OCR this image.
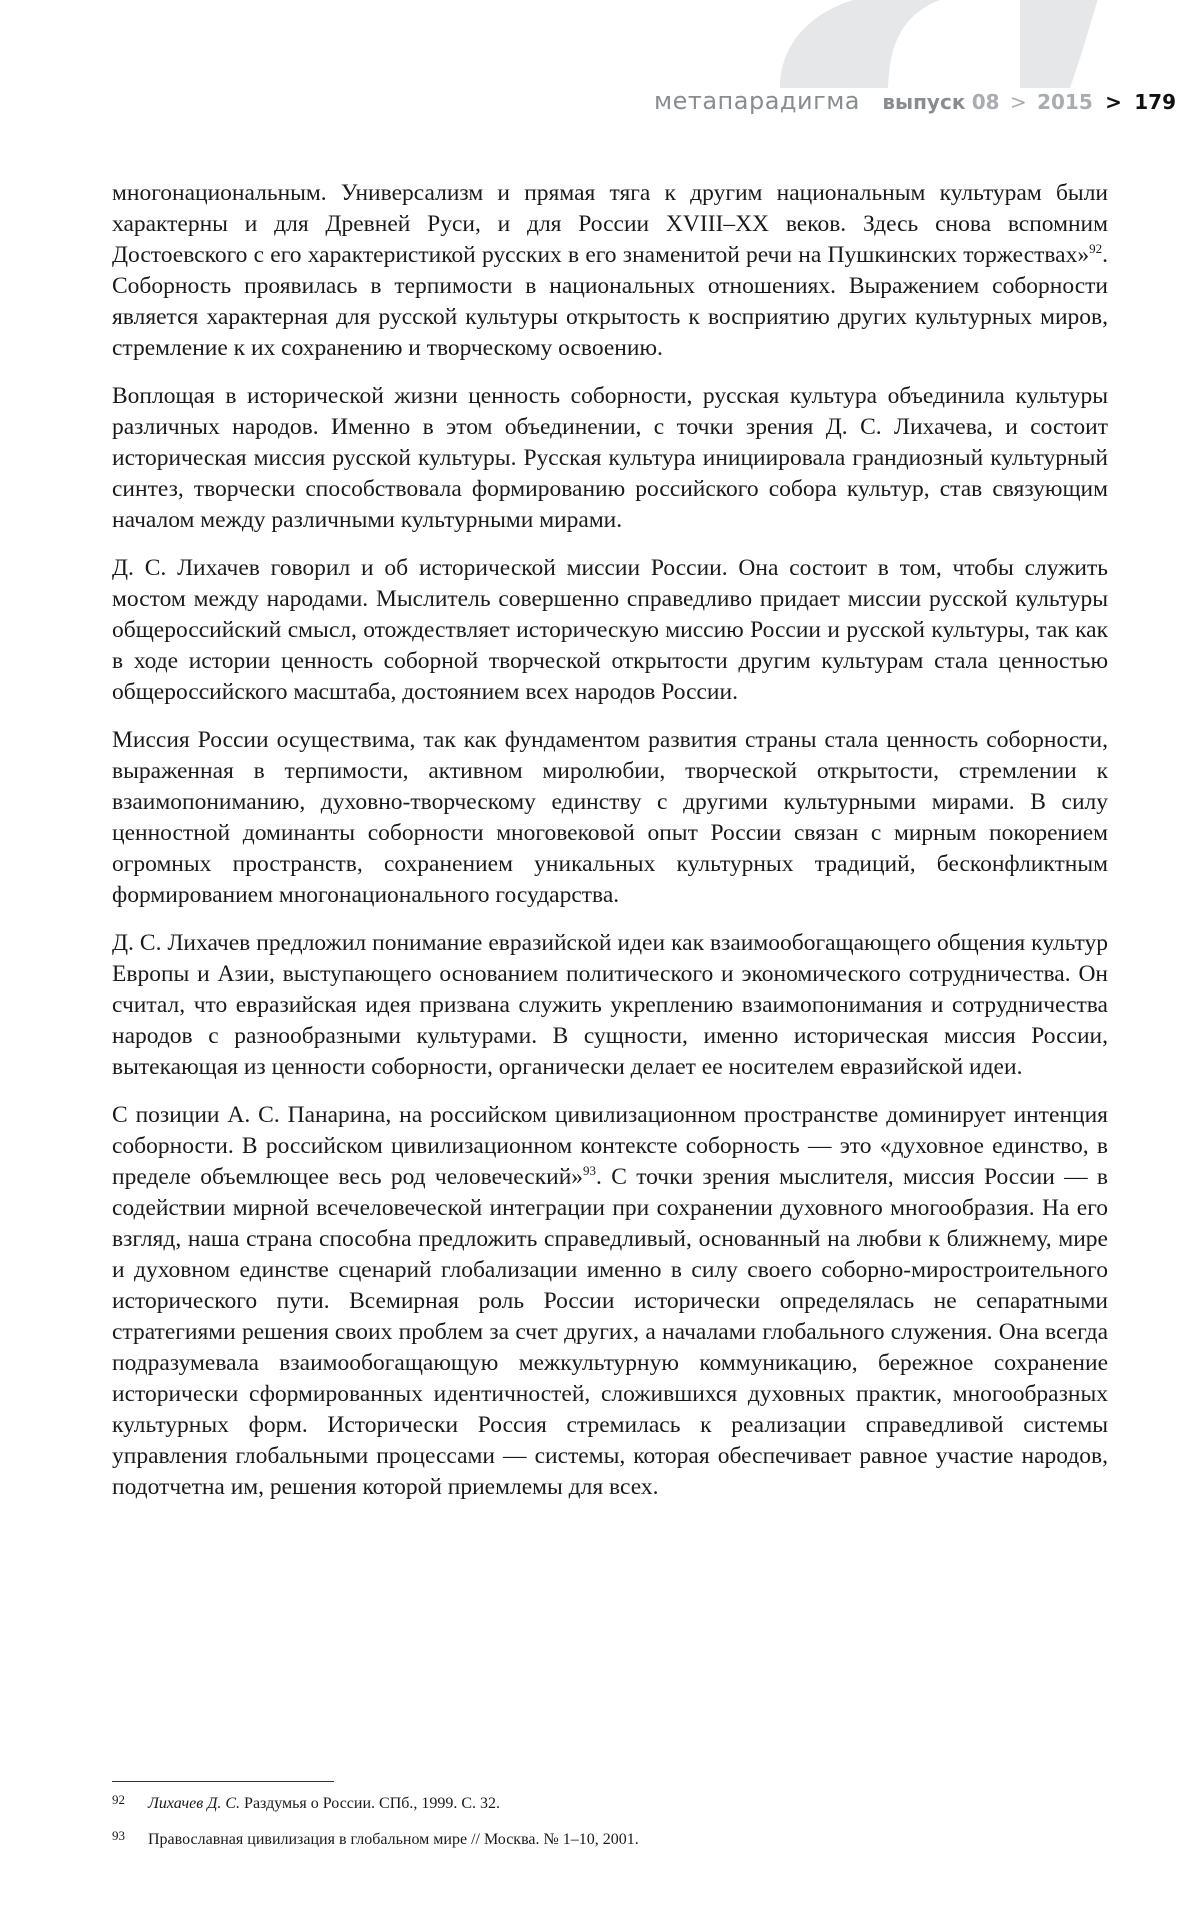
метапарадигма выпуск 08 > 2015 > 179

многонациональным. Универсализм и прямая тяга к другим национальным культурам были характерны и для Древней Руси, и для России XVIII–XX веков. Здесь снова вспомним Достоевского с его характеристикой русских в его знаменитой речи на Пушкинских торжествах»$^{92}$. Соборность проявилась в терпимости в национальных отношениях. Выражением соборности является характерная для русской культуры открытость к восприятию других культурных миров, стремление к их сохранению и творческому освоению.

Воплощая в исторической жизни ценность соборности, русская культура объединила культуры различных народов. Именно в этом объединении, с точки зрения Д. С. Лихачева, и состоит историческая миссия русской культуры. Русская культура инициировала грандиозный культурный синтез, творчески способствовала формированию российского собора культур, став связующим началом между различными культурными мирами.

Д. С. Лихачев говорил и об исторической миссии России. Она состоит в том, чтобы служить мостом между народами. Мыслитель совершенно справедливо придает миссии русской культуры общероссийский смысл, отождествляет историческую миссию России и русской культуры, так как в ходе истории ценность соборной творческой открытости другим культурам стала ценностью общероссийского масштаба, достоянием всех народов России.

Миссия России осуществима, так как фундаментом развития страны стала ценность соборности, выраженная в терпимости, активном миролюбии, творческой открытости, стремлении к взаимопониманию, духовно-творческому единству с другими культурными мирами. В силу ценностной доминанты соборности многовековой опыт России связан с мирным покорением огромных пространств, сохранением уникальных культурных традиций, бесконфликтным формированием многонационального государства.

Д. С. Лихачев предложил понимание евразийской идеи как взаимообогащающего общения культур Европы и Азии, выступающего основанием политического и экономического сотрудничества. Он считал, что евразийская идея призвана служить укреплению взаимопонимания и сотрудничества народов с разнообразными культурами. В сущности, именно историческая миссия России, вытекающая из ценности соборности, органически делает ее носителем евразийской идеи.

С позиции А. С. Панарина, на российском цивилизационном пространстве доминирует интенция соборности. В российском цивилизационном контексте соборность — это «духовное единство, в пределе объемлющее весь род человеческий»$^{93}$. С точки зрения мыслителя, миссия России — в содействии мирной всечеловеческой интеграции при сохранении духовного многообразия. На его взгляд, наша страна способна предложить справедливый, основанный на любви к ближнему, мире и духовном единстве сценарий глобализации именно в силу своего соборно-миростроительного исторического пути. Всемирная роль России исторически определялась не сепаратными стратегиями решения своих проблем за счет других, а началами глобального служения. Она всегда подразумевала взаимообогащающую межкультурную коммуникацию, бережное сохранение исторически сформированных идентичностей, сложившихся духовных практик, многообразных культурных форм. Исторически Россия стремилась к реализации справедливой системы управления глобальными процессами — системы, которая обеспечивает равное участие народов, подотчетна им, решения которой приемлемы для всех.

92 Лихачев Д. С. Раздумья о России. СПб., 1999. С. 32.
93 Православная цивилизация в глобальном мире // Москва. № 1–10, 2001.
